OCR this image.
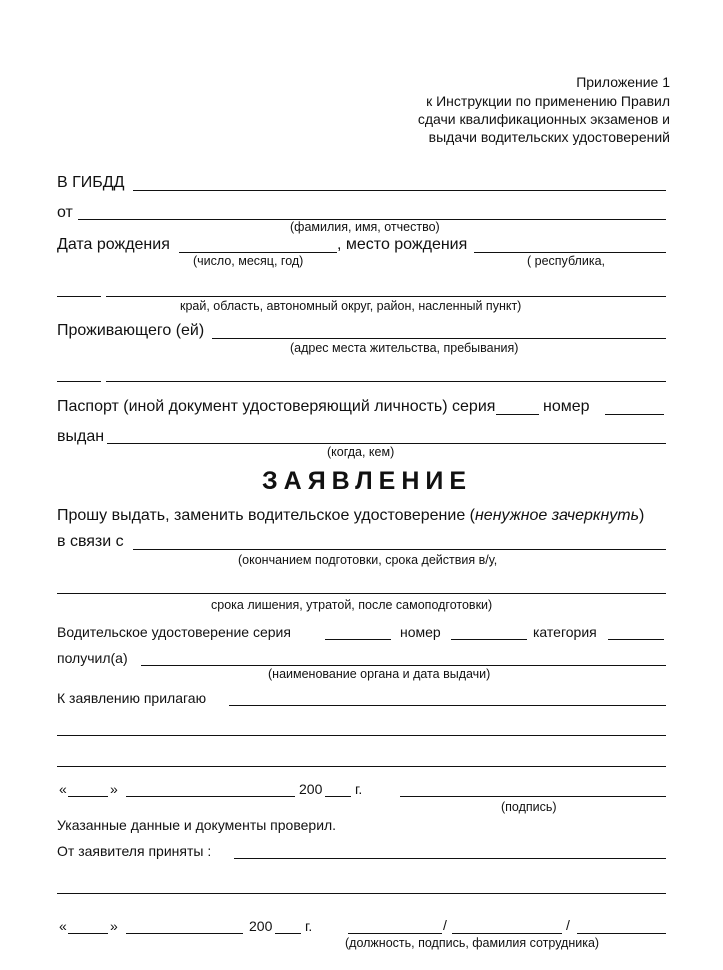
Приложение 1
к Инструкции по применению Правил
сдачи квалификационных экзаменов и
выдачи водительских удостоверений
В ГИБДД
от
(фамилия, имя, отчество)
Дата рождения	, место рождения
(число, месяц, год)	( республика,
край, область, автономный округ, район, насленный пункт)
Проживающего (ей)
(адрес места жительства, пребывания)
Паспорт (иной документ удостоверяющий личность) серия	номер
выдан
(когда, кем)
ЗАЯВЛЕНИЕ
Прошу выдать, заменить водительское удостоверение (ненужное зачеркнуть)
в связи с
(окончанием подготовки, срока действия в/у,
срока лишения, утратой, после самоподготовки)
Водительское удостоверение серия	номер	категория
получил(а)
(наименование органа и дата выдачи)
К заявлению прилагаю
«	»	200 г.
(подпись)
Указанные данные и документы проверил.
От заявителя приняты :
«	»	200 г.	/	/
(должность, подпись, фамилия сотрудника)
